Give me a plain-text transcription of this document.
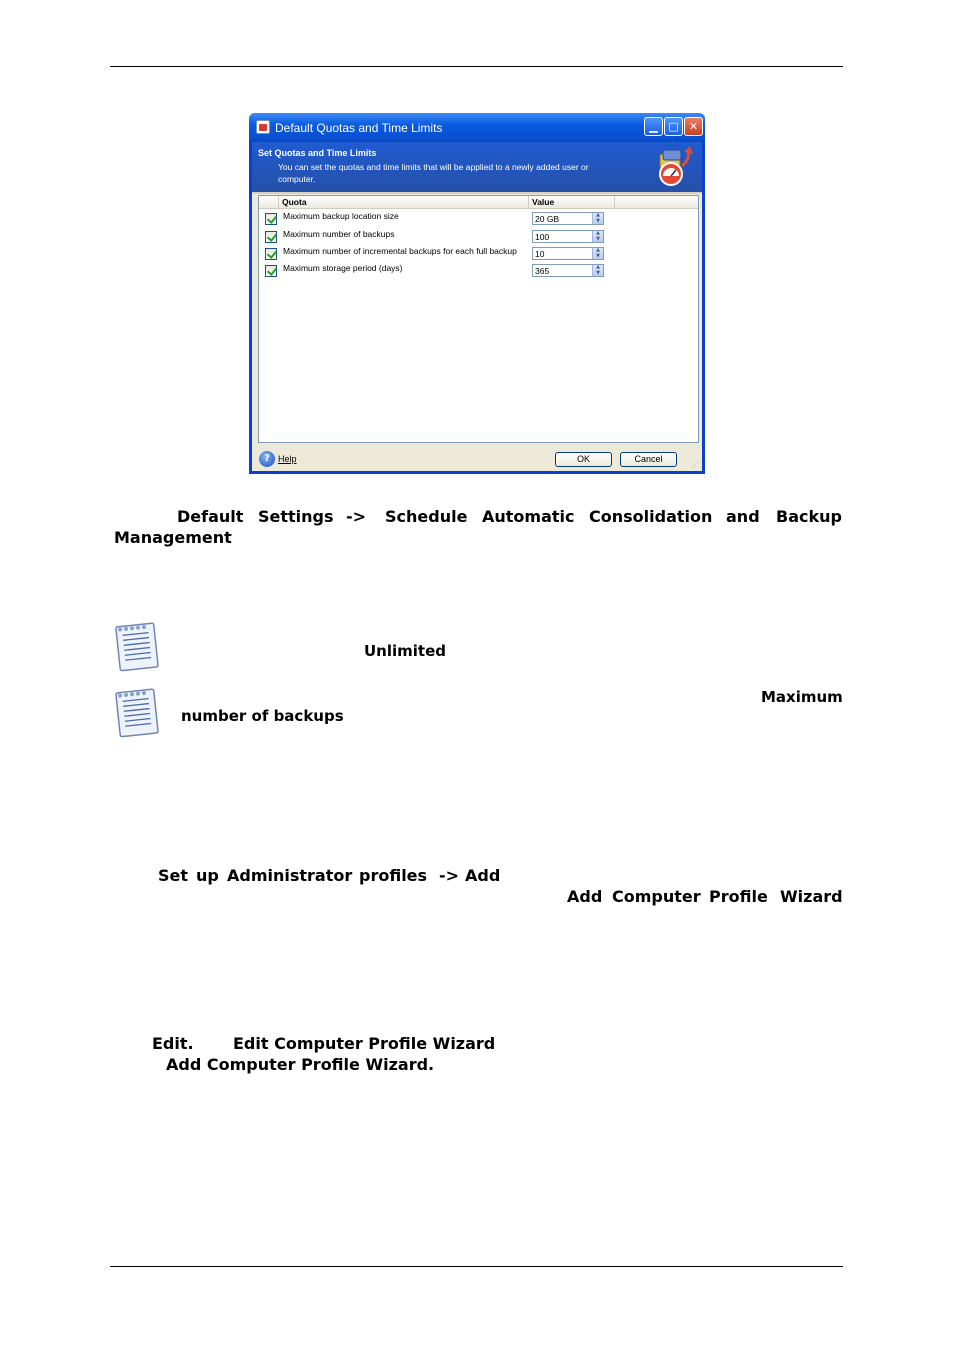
Default Quotas and Time Limits	▁ □ ✕
Set Quotas and Time Limits
You can set the quotas and time limits that will be applied to a newly added user or computer.
Quota	Value
Maximum backup location size	20 GB	▲
▼
Maximum number of backups	100	▲
▼
Maximum number of incremental backups for each full backup 10	▲
▼
Maximum storage period (days)	365	▲
▼
? Help	OK	Cancel
⋰
Default Settings -> Schedule Automatic Consolidation and Backup
Management
Unlimited
Maximum
number of backups
Set up Administrator profiles -> Add
Add Computer Profile Wizard
Edit. Edit Computer Profile Wizard
Add Computer Profile Wizard.
